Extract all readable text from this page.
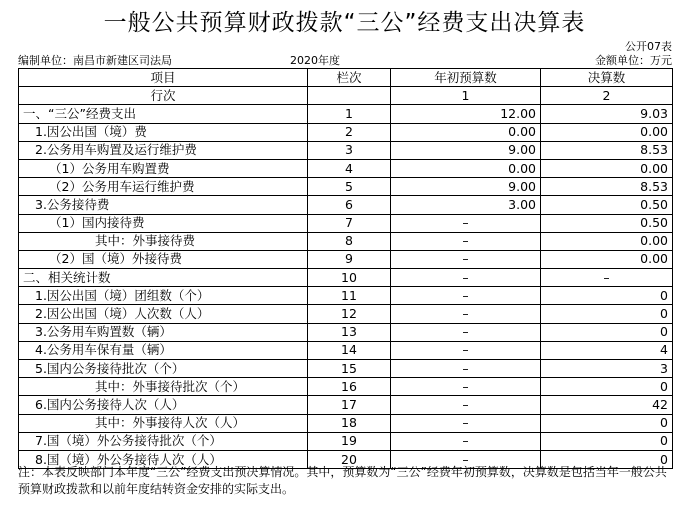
一般公共预算财政拨款“三公”经费支出决算表
公开07表
编制单位：南昌市新建区司法局	2020年度	金额单位：万元
项目	栏次	年初预算数	决算数
行次		1	2
一、“三公”经费支出	1	12.00	9.03
1.因公出国（境）费	2	0.00	0.00
2.公务用车购置及运行维护费	3	9.00	8.53
（1）公务用车购置费	4	0.00	0.00
（2）公务用车运行维护费	5	9.00	8.53
3.公务接待费	6	3.00	0.50
（1）国内接待费	7	–	0.50
其中：外事接待费	8	–	0.00
（2）国（境）外接待费	9	–	0.00
二、相关统计数	10	–	–
1.因公出国（境）团组数（个）	11	–	0
2.因公出国（境）人次数（人）	12	–	0
3.公务用车购置数（辆）	13	–	0
4.公务用车保有量（辆）	14	–	4
5.国内公务接待批次（个）	15	–	3
其中：外事接待批次（个）	16	–	0
6.国内公务接待人次（人）	17	–	42
其中：外事接待人次（人）	18	–	0
7.国（境）外公务接待批次（个）	19	–	0
8.国（境）外公务接待人次（人）	20	–	0
注：本表反映部门本年度“三公”经费支出预决算情况。其中，预算数为“三公”经费年初预算数，决算数是包括当年一般公共预算财政拨款和以前年度结转资金安排的实际支出。
